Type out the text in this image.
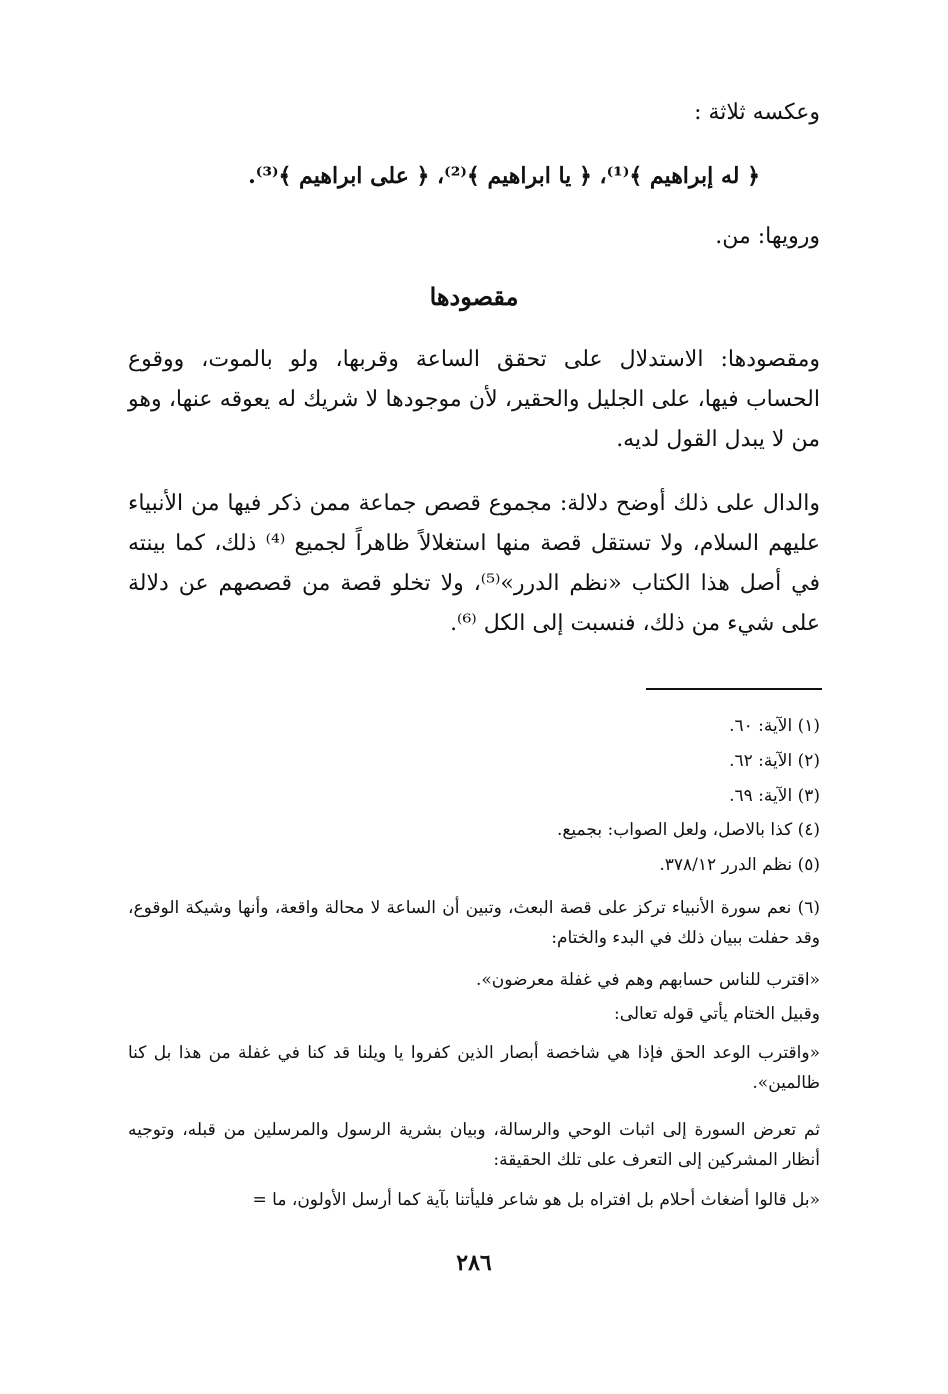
وعكسه ثلاثة :
﴿ له إبراهيم ﴾⁽¹⁾، ﴿ يا ابراهيم ﴾⁽²⁾، ﴿ على ابراهيم ﴾⁽³⁾.
ورويها: من.
مقصودها
ومقصودها: الاستدلال على تحقق الساعة وقربها، ولو بالموت، ووقوع الحساب فيها، على الجليل والحقير، لأن موجودها لا شريك له يعوقه عنها، وهو من لا يبدل القول لديه.
والدال على ذلك أوضح دلالة: مجموع قصص جماعة ممن ذكر فيها من الأنبياء عليهم السلام، ولا تستقل قصة منها استغلالاً ظاهراً لجميع ⁽⁴⁾ ذلك، كما بينته في أصل هذا الكتاب «نظم الدرر»⁽⁵⁾، ولا تخلو قصة من قصصهم عن دلالة على شيء من ذلك، فنسبت إلى الكل ⁽⁶⁾.
(١) الآية: ٦٠.
(٢) الآية: ٦٢.
(٣) الآية: ٦٩.
(٤) كذا بالاصل، ولعل الصواب: بجميع.
(٥) نظم الدرر ٣٧٨/١٢.
(٦) نعم سورة الأنبياء تركز على قصة البعث، وتبين أن الساعة لا محالة واقعة، وأنها وشيكة الوقوع، وقد حفلت ببيان ذلك في البدء والختام:
«اقترب للناس حسابهم وهم في غفلة معرضون».
وقبيل الختام يأتي قوله تعالى:
«واقترب الوعد الحق فإذا هي شاخصة أبصار الذين كفروا يا ويلنا قد كنا في غفلة من هذا بل كنا ظالمين».
ثم تعرض السورة إلى اثبات الوحي والرسالة، وبيان بشرية الرسول والمرسلين من قبله، وتوجيه أنظار المشركين إلى التعرف على تلك الحقيقة:
«بل قالوا أضغاث أحلام بل افتراه بل هو شاعر فليأتنا بآية كما أرسل الأولون، ما =
٢٨٦
